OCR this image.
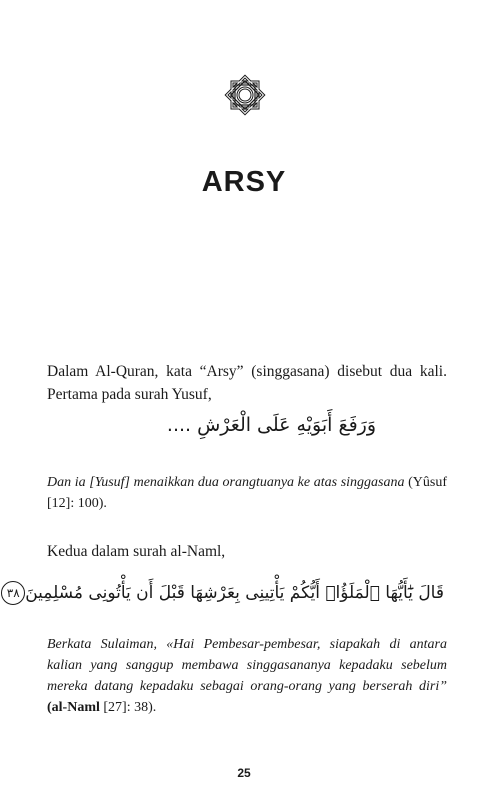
ARSY

Dalam Al-Quran, kata “Arsy” (singgasana) disebut dua kali. Pertama pada surah Yusuf,

وَرَفَعَ أَبَوَيْهِ عَلَى الْعَرْشِ ....

Dan ia [Yusuf] menaikkan dua orangtuanya ke atas singgasana (Yûsuf [12]: 100).

Kedua dalam surah al-Naml,

قَالَ يَٰٓأَيُّهَا ٱلْمَلَؤُا۟ أَيُّكُمْ يَأْتِينِى بِعَرْشِهَا قَبْلَ أَن يَأْتُونِى مُسْلِمِينَ٣٨

Berkata Sulaiman, «Hai Pembesar-pembesar, siapakah di antara kalian yang sanggup membawa singgasananya kepadaku sebelum mereka datang kepadaku sebagai orang-orang yang berserah diri” (al-Naml [27]: 38).

25
